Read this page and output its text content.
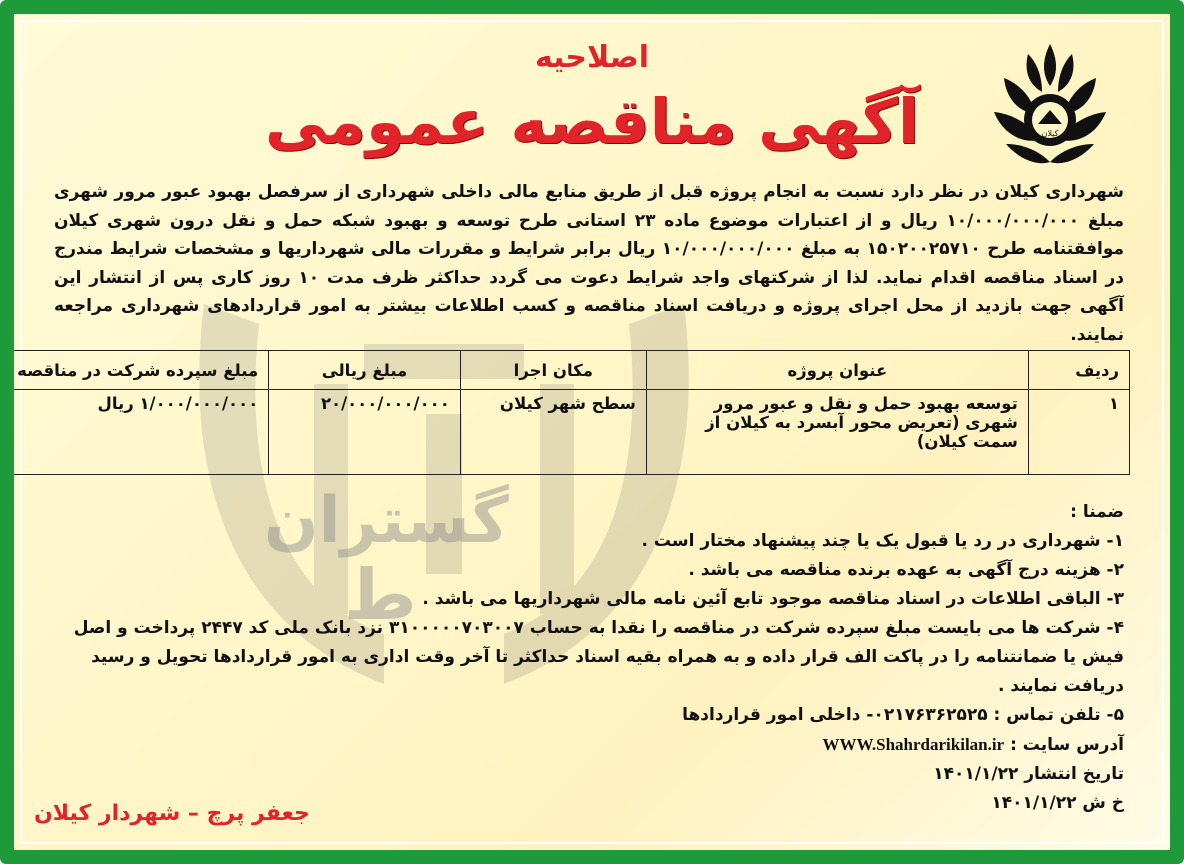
گستران
ط
کیلان
اصلاحیه
آگهی مناقصه عمومی
شهرداری کیلان در نظر دارد نسبت به انجام پروژه قبل از طریق منابع مالی داخلی شهرداری از سرفصل بهبود عبور مرور شهری مبلغ ۱۰/۰۰۰/۰۰۰/۰۰۰ ریال و از اعتبارات موضوع ماده ۲۳ استانی طرح توسعه و بهبود شبکه حمل و نقل درون شهری کیلان موافقتنامه طرح ۱۵۰۲۰۰۲۵۷۱۰ به مبلغ ۱۰/۰۰۰/۰۰۰/۰۰۰ ریال برابر شرایط و مقررات مالی شهرداریها و مشخصات شرایط مندرج در اسناد مناقصه اقدام نماید. لذا از شرکتهای واجد شرایط دعوت می گردد حداکثر ظرف مدت ۱۰ روز کاری پس از انتشار این آگهی جهت بازدید از محل اجرای پروژه و دریافت اسناد مناقصه و کسب اطلاعات بیشتر به امور قراردادهای شهرداری مراجعه نمایند.
ردیف	عنوان پروژه	مکان اجرا	مبلغ ریالی	مبلغ سپرده شرکت در مناقصه
۱	توسعه بهبود حمل و نقل و عبور مرور شهری (تعریض محور آبسرد به کیلان از سمت کیلان)	سطح شهر کیلان	۲۰/۰۰۰/۰۰۰/۰۰۰	۱/۰۰۰/۰۰۰/۰۰۰ ریال

ضمنا :

۱- شهرداری در رد یا قبول یک یا چند پیشنهاد مختار است .

۲- هزینه درج آگهی به عهده برنده مناقصه می باشد .

۳- الباقی اطلاعات در اسناد مناقصه موجود تابع آئین نامه مالی شهرداریها می باشد .

۴- شرکت ها می بایست مبلغ سپرده شرکت در مناقصه را نقدا به حساب ۳۱۰۰۰۰۰۷۰۳۰۰۷ نزد بانک ملی کد ۲۴۴۷ پرداخت و اصل فیش یا ضمانتنامه را در پاکت الف قرار داده و به همراه بقیه اسناد حداکثر تا آخر وقت اداری به امور قراردادها تحویل و رسید دریافت نمایند .

۵- تلفن تماس : ۰۲۱۷۶۳۶۲۵۲۵- داخلی امور قراردادها

آدرس سایت : WWW.Shahrdarikilan.ir

تاریخ انتشار ۱۴۰۱/۱/۲۲

خ ش ۱۴۰۱/۱/۲۲

جعفر پرچ – شهردار کیلان
